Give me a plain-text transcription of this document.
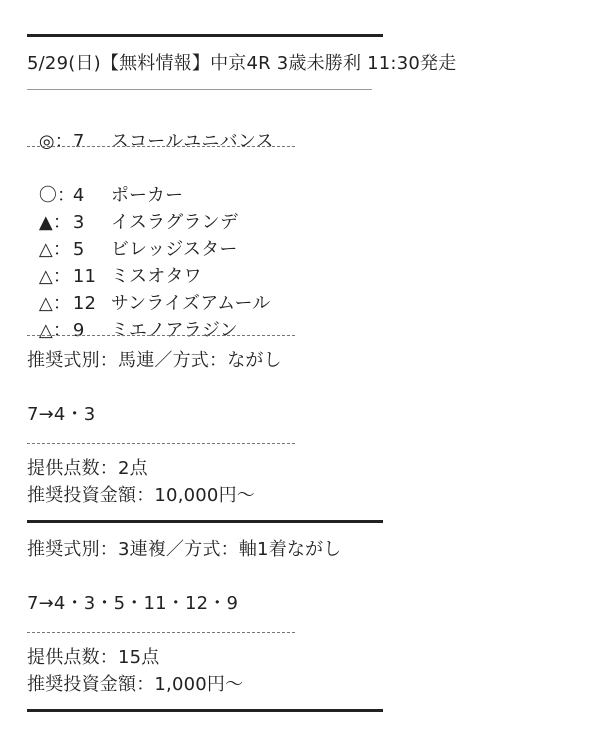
5/29(日)【無料情報】中京4R 3歳未勝利 11:30発走

◎：7 スコールユニバンス

〇：4 ポーカー

▲：3 イスラグランデ

△：5 ビレッジスター

△：11 ミスオタワ

△：12 サンライズアムール

△：9 ミエノアラジン

推奨式別：馬連／方式：ながし
7→4・3
提供点数：2点
推奨投資金額：10,000円～
推奨式別：3連複／方式：軸1着ながし
7→4・3・5・11・12・9
提供点数：15点
推奨投資金額：1,000円～
